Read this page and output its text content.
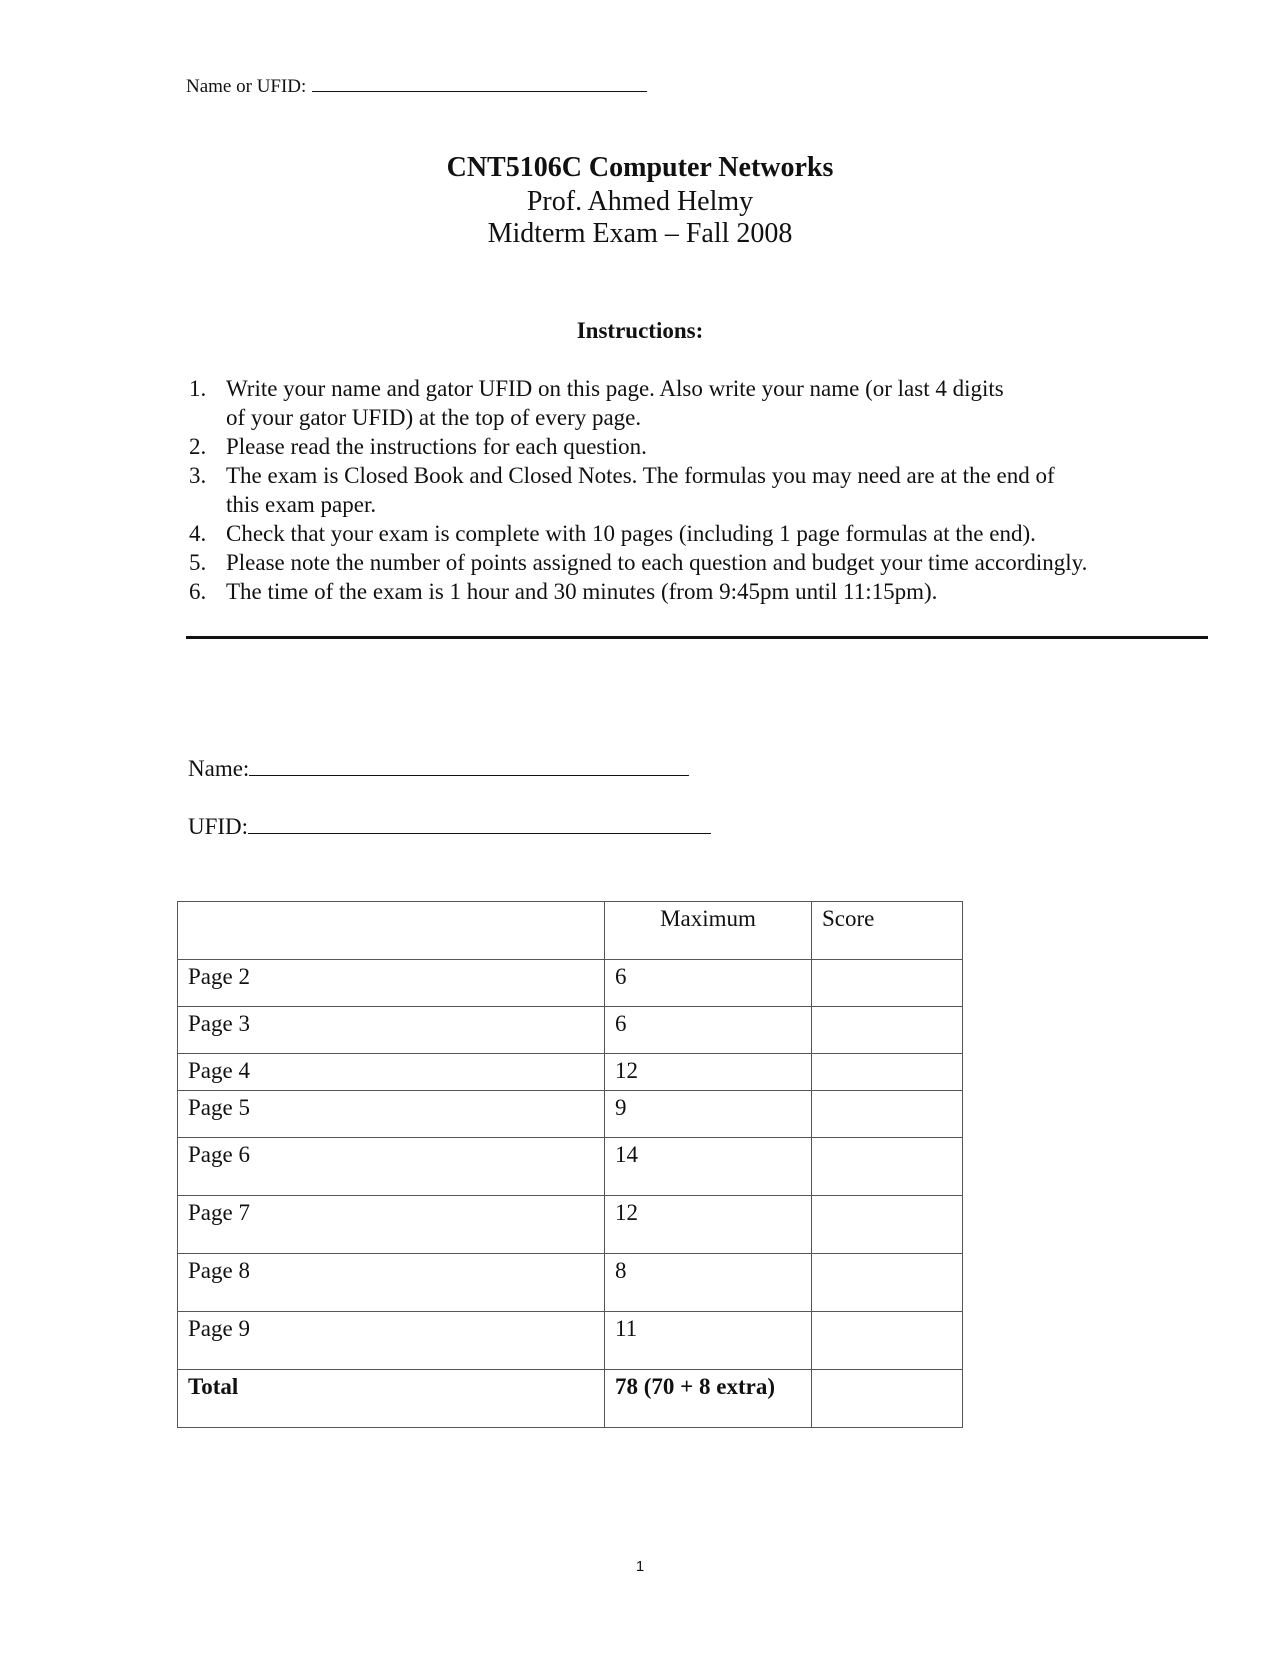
Name or UFID:
CNT5106C Computer Networks
Prof. Ahmed Helmy
Midterm Exam – Fall 2008
Instructions:
1. Write your name and gator UFID on this page. Also write your name (or last 4 digits
of your gator UFID) at the top of every page.
2. Please read the instructions for each question.
3. The exam is Closed Book and Closed Notes. The formulas you may need are at the end of
this exam paper.
4. Check that your exam is complete with 10 pages (including 1 page formulas at the end).
5. Please note the number of points assigned to each question and budget your time accordingly.
6. The time of the exam is 1 hour and 30 minutes (from 9:45pm until 11:15pm).
Name:
UFID:
	Maximum	Score
Page 2	6	
Page 3	6	
Page 4	12	
Page 5	9	
Page 6	14	
Page 7	12	
Page 8	8	
Page 9	11	
Total	78 (70 + 8 extra)	
1
